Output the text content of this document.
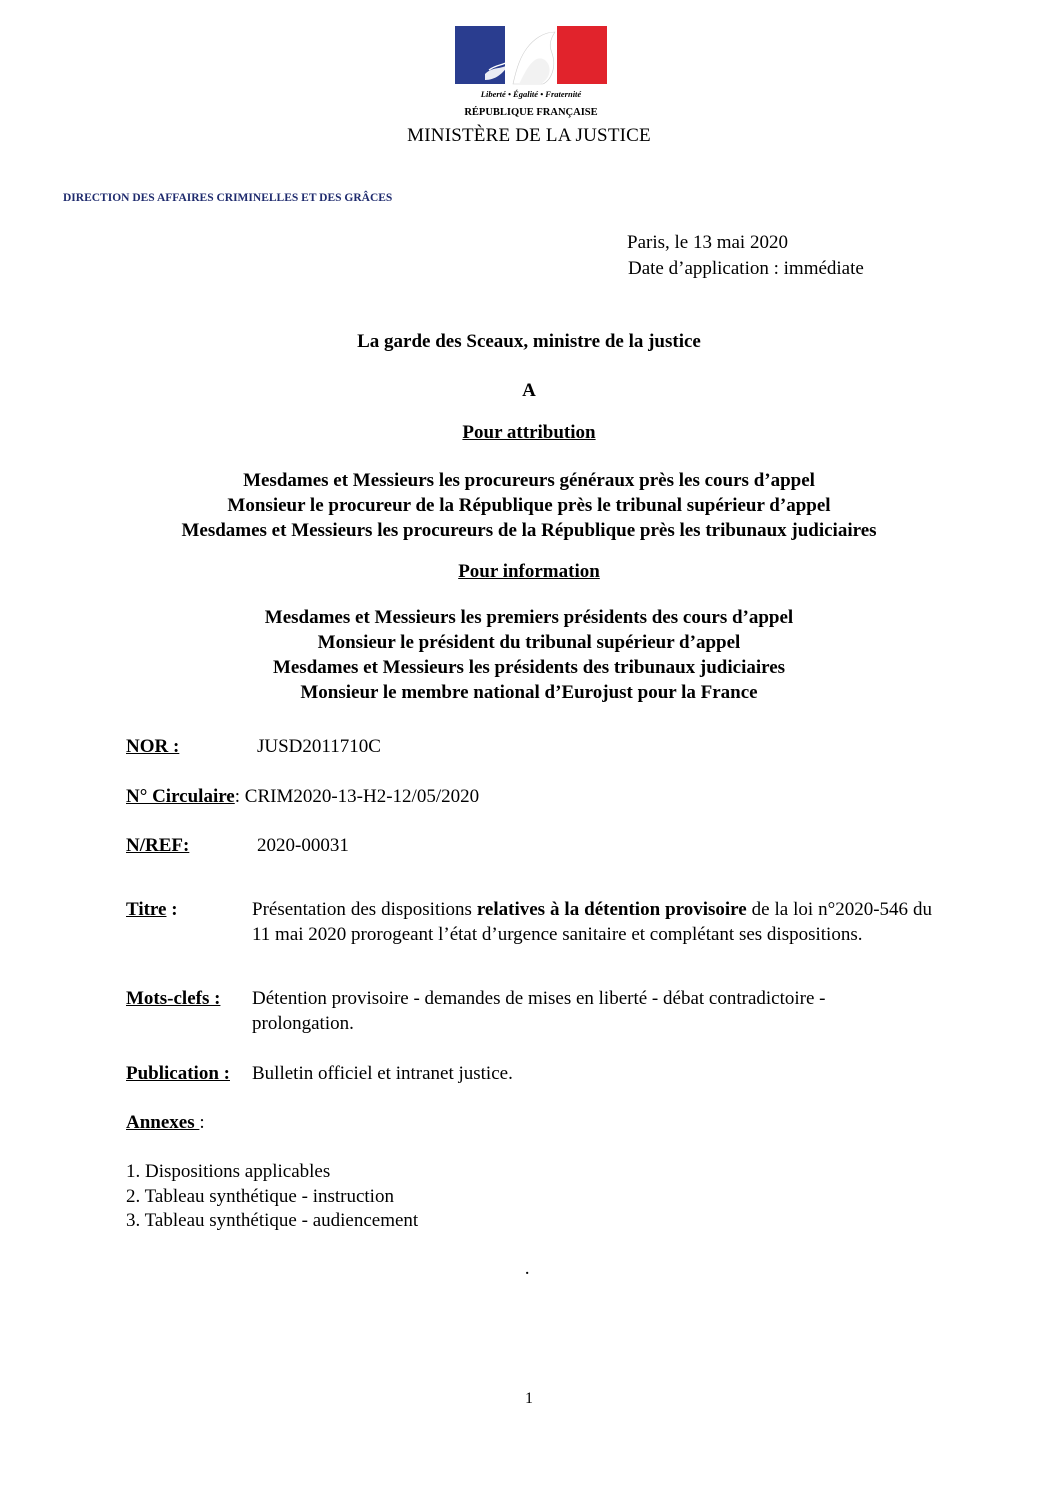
Liberté • Égalité • Fraternité
RÉPUBLIQUE FRANÇAISE
MINISTÈRE DE LA JUSTICE
DIRECTION DES AFFAIRES CRIMINELLES ET DES GRÂCES
Paris, le 13 mai 2020
Date d’application : immédiate
La garde des Sceaux, ministre de la justice
A
Pour attribution
Mesdames et Messieurs les procureurs généraux près les cours d’appel
Monsieur le procureur de la République près le tribunal supérieur d’appel
Mesdames et Messieurs les procureurs de la République près les tribunaux judiciaires
Pour information
Mesdames et Messieurs les premiers présidents des cours d’appel
Monsieur le président du tribunal supérieur d’appel
Mesdames et Messieurs les présidents des tribunaux judiciaires
Monsieur le membre national d’Eurojust pour la France
NOR :	JUSD2011710C
N° Circulaire: CRIM2020-13-H2-12/05/2020
N/REF:	2020-00031
Titre :	Présentation des dispositions relatives à la détention provisoire de la loi n°2020-546 du 11 mai 2020 prorogeant l’état d’urgence sanitaire et complétant ses dispositions.
Mots-clefs : Détention provisoire - demandes de mises en liberté - débat contradictoire - prolongation.
Publication : Bulletin officiel et intranet justice.
Annexes :
1. Dispositions applicables
2. Tableau synthétique - instruction
3. Tableau synthétique - audiencement
·
1
